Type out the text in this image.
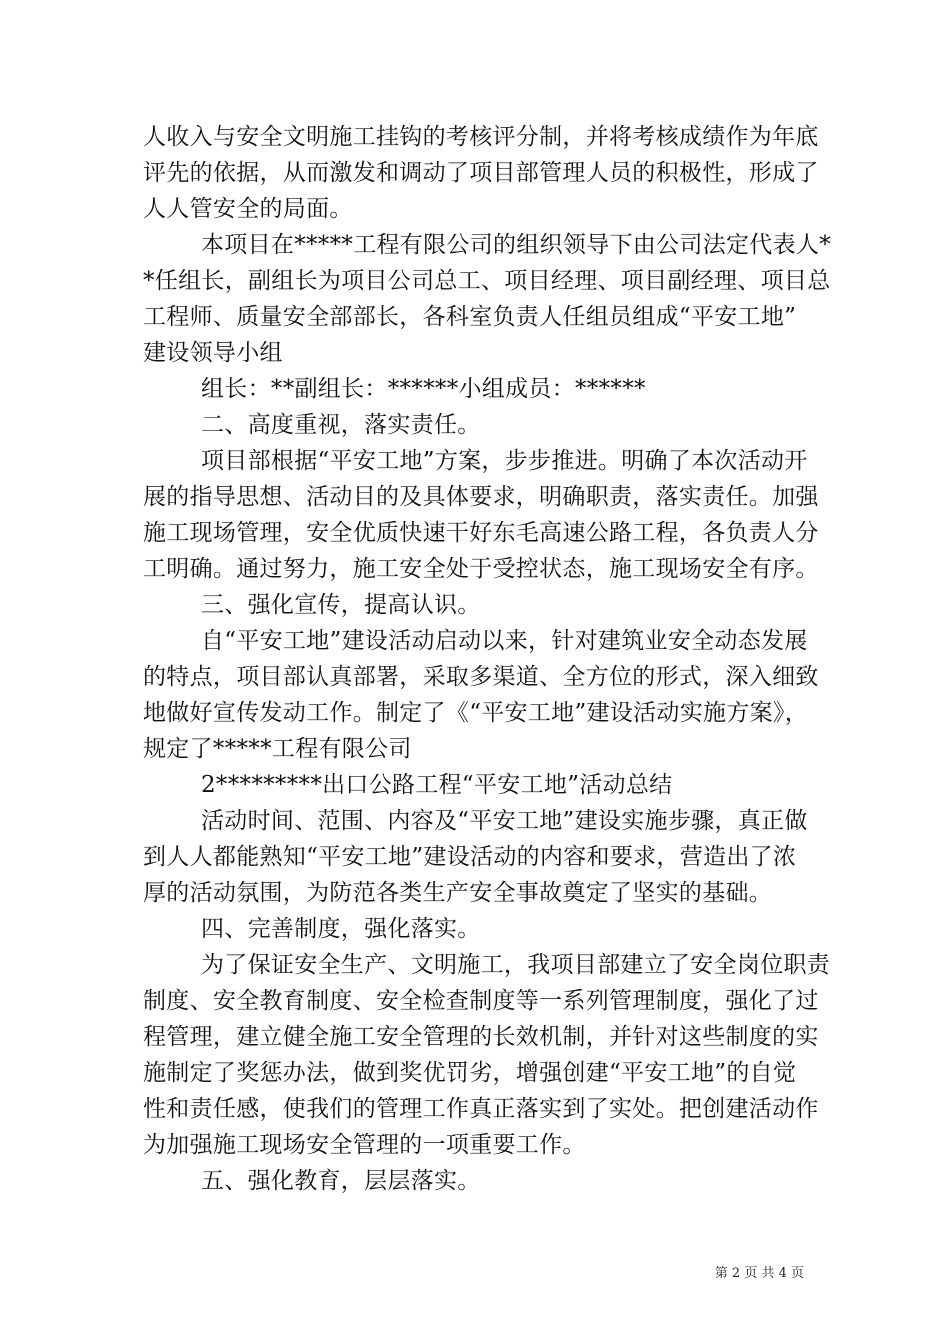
人收入与安全文明施工挂钩的考核评分制，并将考核成绩作为年底
评先的依据，从而激发和调动了项目部管理人员的积极性，形成了
人人管安全的局面。
本项目在*****工程有限公司的组织领导下由公司法定代表人*
*任组长，副组长为项目公司总工、项目经理、项目副经理、项目总
工程师、质量安全部部长，各科室负责人任组员组成“平安工地”
建设领导小组
组长：**副组长：******小组成员：******
二、高度重视，落实责任。
项目部根据“平安工地”方案，步步推进。明确了本次活动开
展的指导思想、活动目的及具体要求，明确职责，落实责任。加强
施工现场管理，安全优质快速干好东毛高速公路工程，各负责人分
工明确。通过努力，施工安全处于受控状态，施工现场安全有序。
三、强化宣传，提高认识。
自“平安工地”建设活动启动以来，针对建筑业安全动态发展
的特点，项目部认真部署，采取多渠道、全方位的形式，深入细致
地做好宣传发动工作。制定了《“平安工地”建设活动实施方案》，
规定了*****工程有限公司
2*********出口公路工程“平安工地”活动总结
活动时间、范围、内容及“平安工地”建设实施步骤，真正做
到人人都能熟知“平安工地”建设活动的内容和要求，营造出了浓
厚的活动氛围，为防范各类生产安全事故奠定了坚实的基础。
四、完善制度，强化落实。
为了保证安全生产、文明施工，我项目部建立了安全岗位职责
制度、安全教育制度、安全检查制度等一系列管理制度，强化了过
程管理，建立健全施工安全管理的长效机制，并针对这些制度的实
施制定了奖惩办法，做到奖优罚劣，增强创建“平安工地”的自觉
性和责任感，使我们的管理工作真正落实到了实处。把创建活动作
为加强施工现场安全管理的一项重要工作。
五、强化教育，层层落实。
第 2 页 共 4 页
